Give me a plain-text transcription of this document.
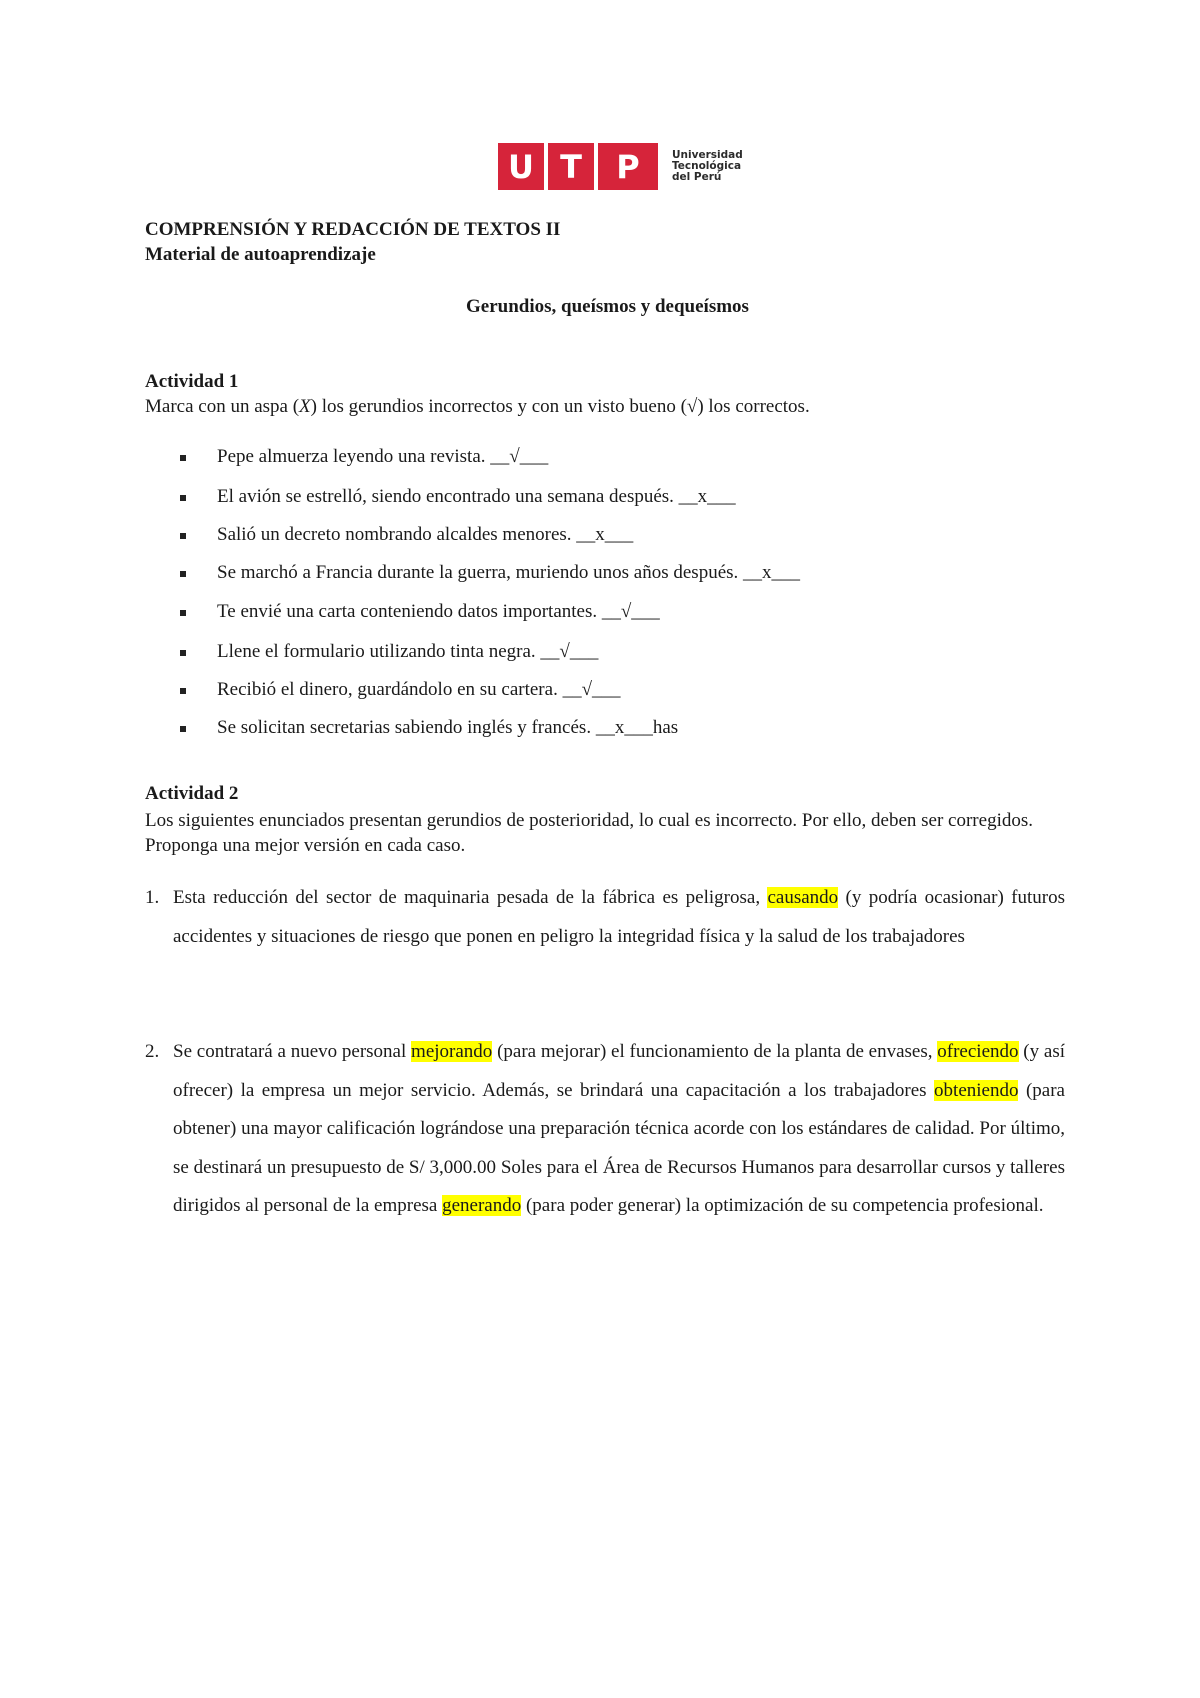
U T	P	Universidad
Tecnológica
del Perú
COMPRENSIÓN Y REDACCIÓN DE TEXTOS II
Material de autoaprendizaje
Gerundios, queísmos y dequeísmos
Actividad 1
Marca con un aspa (X) los gerundios incorrectos y con un visto bueno (√) los correctos.
Pepe almuerza leyendo una revista. __√___
El avión se estrelló, siendo encontrado una semana después. __x___
Salió un decreto nombrando alcaldes menores. __x___
Se marchó a Francia durante la guerra, muriendo unos años después. __x___
Te envié una carta conteniendo datos importantes. __√___
Llene el formulario utilizando tinta negra. __√___
Recibió el dinero, guardándolo en su cartera. __√___
Se solicitan secretarias sabiendo inglés y francés. __x___has
Actividad 2
Los siguientes enunciados presentan gerundios de posterioridad, lo cual es incorrecto. Por ello, deben ser corregidos. Proponga una mejor versión en cada caso.
1. Esta reducción del sector de maquinaria pesada de la fábrica es peligrosa, causando (y podría ocasionar) futuros accidentes y situaciones de riesgo que ponen en peligro la integridad física y la salud de los trabajadores
2. Se contratará a nuevo personal mejorando (para mejorar) el funcionamiento de la planta de envases, ofreciendo (y así ofrecer) la empresa un mejor servicio. Además, se brindará una capacitación a los trabajadores obteniendo (para obtener) una mayor calificación lográndose una preparación técnica acorde con los estándares de calidad. Por último, se destinará un presupuesto de S/ 3,000.00 Soles para el Área de Recursos Humanos para desarrollar cursos y talleres dirigidos al personal de la empresa generando (para poder generar) la optimización de su competencia profesional.
